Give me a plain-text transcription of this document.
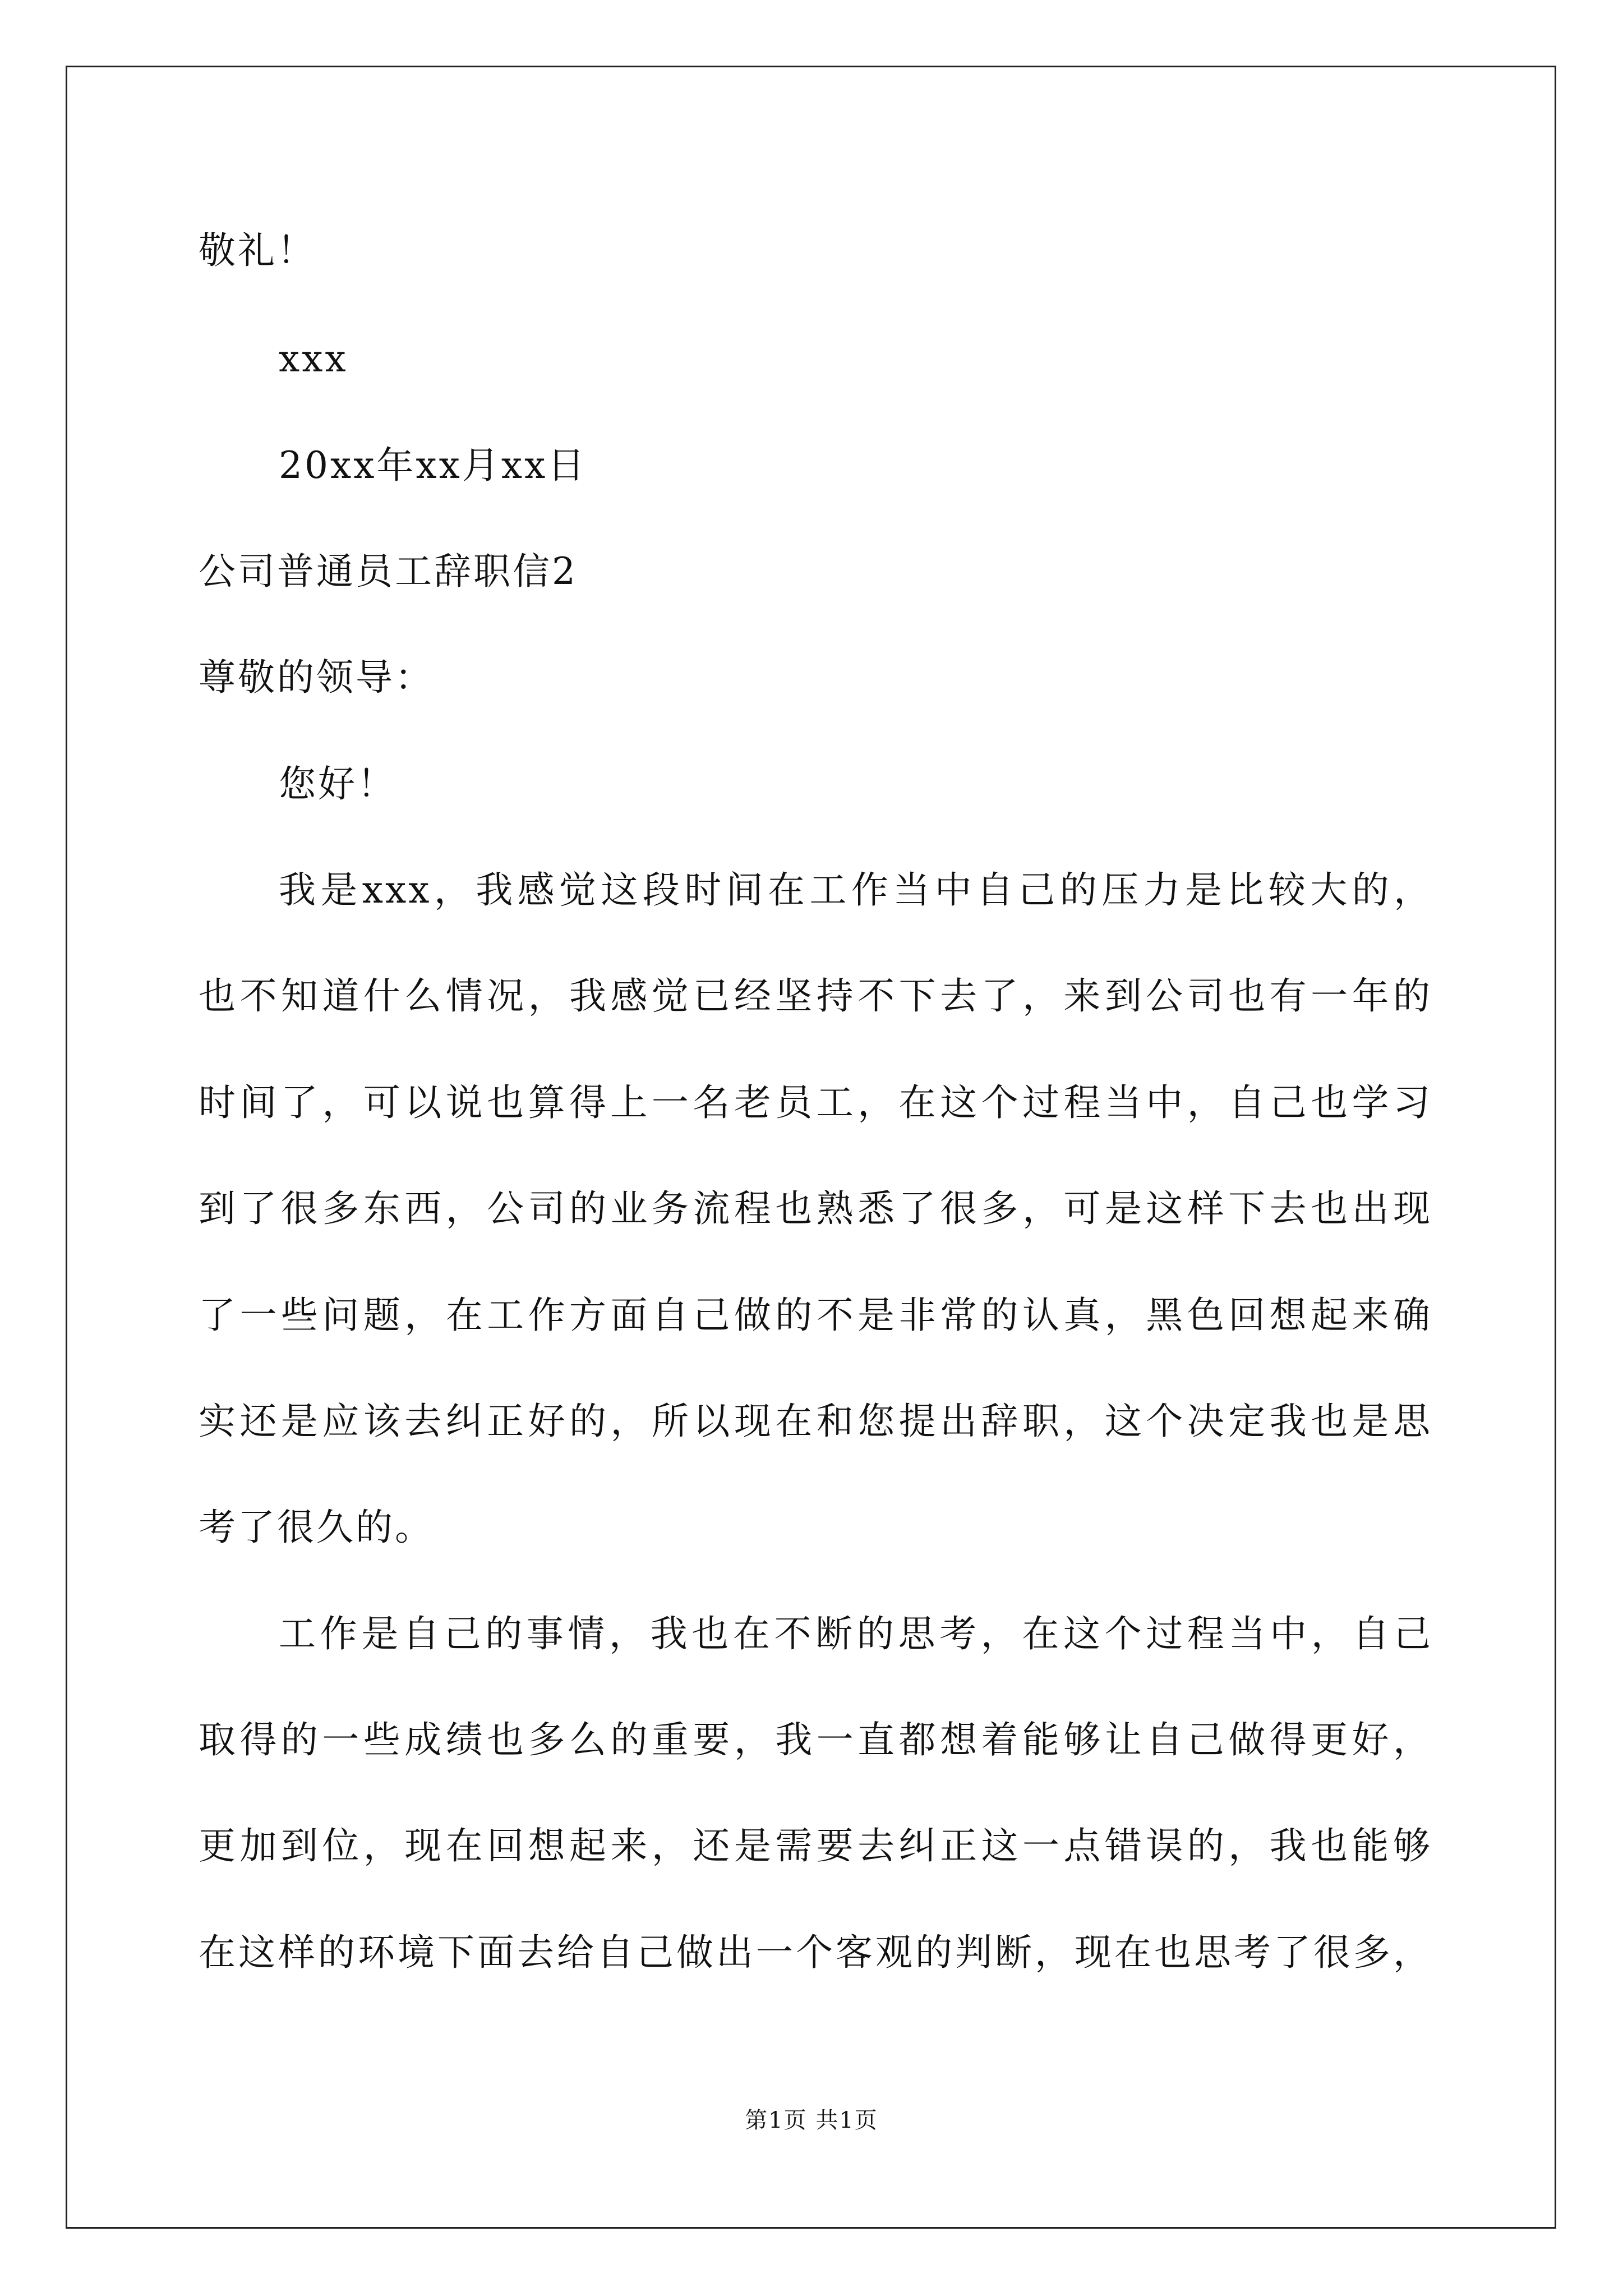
敬礼！
xxx
20xx年xx月xx日
公司普通员工辞职信2
尊敬的领导：
您好！
我是xxx，我感觉这段时间在工作当中自己的压力是比较大的，
也不知道什么情况，我感觉已经坚持不下去了，来到公司也有一年的
时间了，可以说也算得上一名老员工，在这个过程当中，自己也学习
到了很多东西，公司的业务流程也熟悉了很多，可是这样下去也出现
了一些问题，在工作方面自己做的不是非常的认真，黑色回想起来确
实还是应该去纠正好的，所以现在和您提出辞职，这个决定我也是思
考了很久的。
工作是自己的事情，我也在不断的思考，在这个过程当中，自己
取得的一些成绩也多么的重要，我一直都想着能够让自己做得更好，
更加到位，现在回想起来，还是需要去纠正这一点错误的，我也能够
在这样的环境下面去给自己做出一个客观的判断，现在也思考了很多，
第1页 共1页
